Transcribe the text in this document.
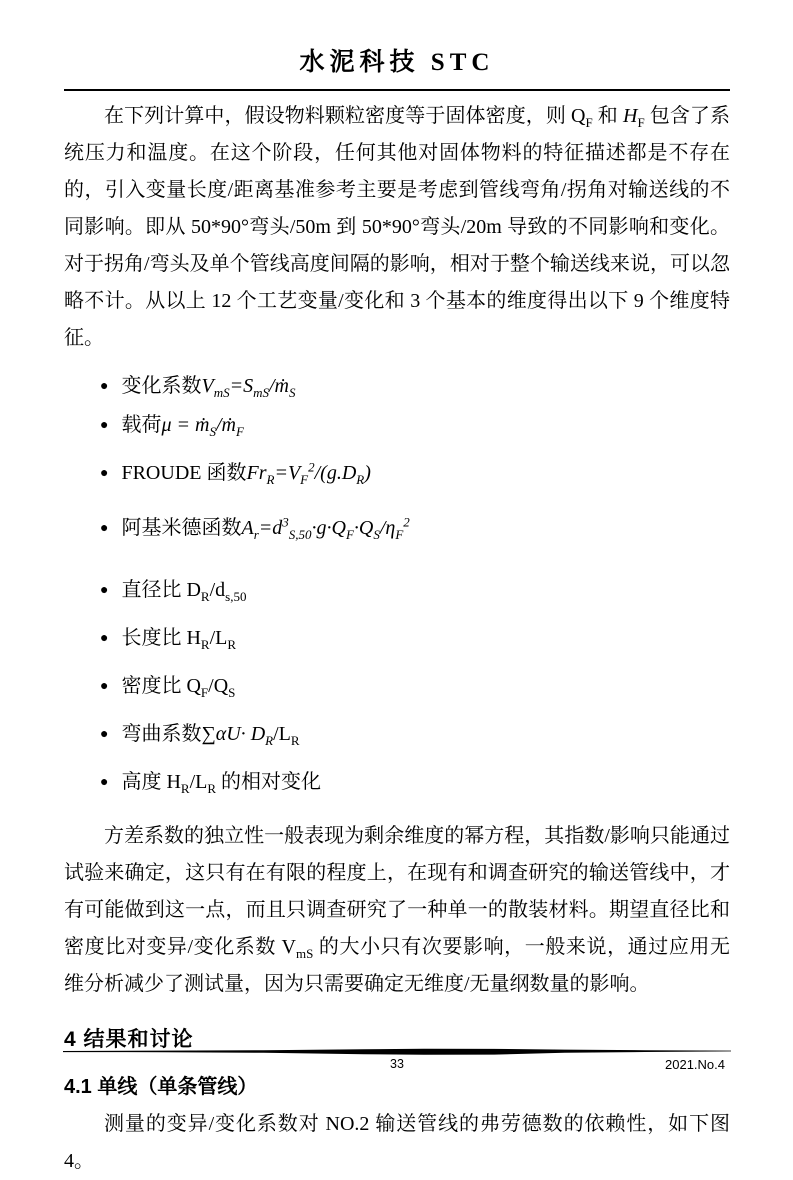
水泥科技 STC

在下列计算中，假设物料颗粒密度等于固体密度，则 $Q_F$ 和 $H_F$ 包含了系统压力和温度。在这个阶段，任何其他对固体物料的特征描述都是不存在的，引入变量长度/距离基准参考主要是考虑到管线弯角/拐角对输送线的不同影响。即从 50*90°弯头/50m 到 50*90°弯头/20m 导致的不同影响和变化。对于拐角/弯头及单个管线高度间隔的影响，相对于整个输送线来说，可以忽略不计。从以上 12 个工艺变量/变化和 3 个基本的维度得出以下 9 个维度特征。

● 变化系数$V_{mS}=S_{mS}/ṁ_S$
● 载荷μ = ṁ$_S$/ṁ$_F$
● FROUDE 函数$Fr_R=V_F^2/(g.D_R)$
● 阿基米德函数$A_r=d^3_{S,50}\cdot g\cdot Q_F\cdot Q_S/\eta_F^2$
● 直径比 $D_R/d_{s,50}$
● 长度比 $H_R/L_R$
● 密度比 $Q_F/Q_S$
● 弯曲系数$\sum\alpha U\cdot D_R/L_R$
● 高度 $H_R/L_R$ 的相对变化

方差系数的独立性一般表现为剩余维度的幂方程，其指数/影响只能通过试验来确定，这只有在有限的程度上，在现有和调查研究的输送管线中，才有可能做到这一点，而且只调查研究了一种单一的散装材料。期望直径比和密度比对变异/变化系数 $V_{mS}$ 的大小只有次要影响，一般来说，通过应用无维分析减少了测试量，因为只需要确定无维度/无量纲数量的影响。

4 结果和讨论
4.1 单线（单条管线）

测量的变异/变化系数对 NO.2 输送管线的弗劳德数的依赖性，如下图 4。

33	2021.No.4
